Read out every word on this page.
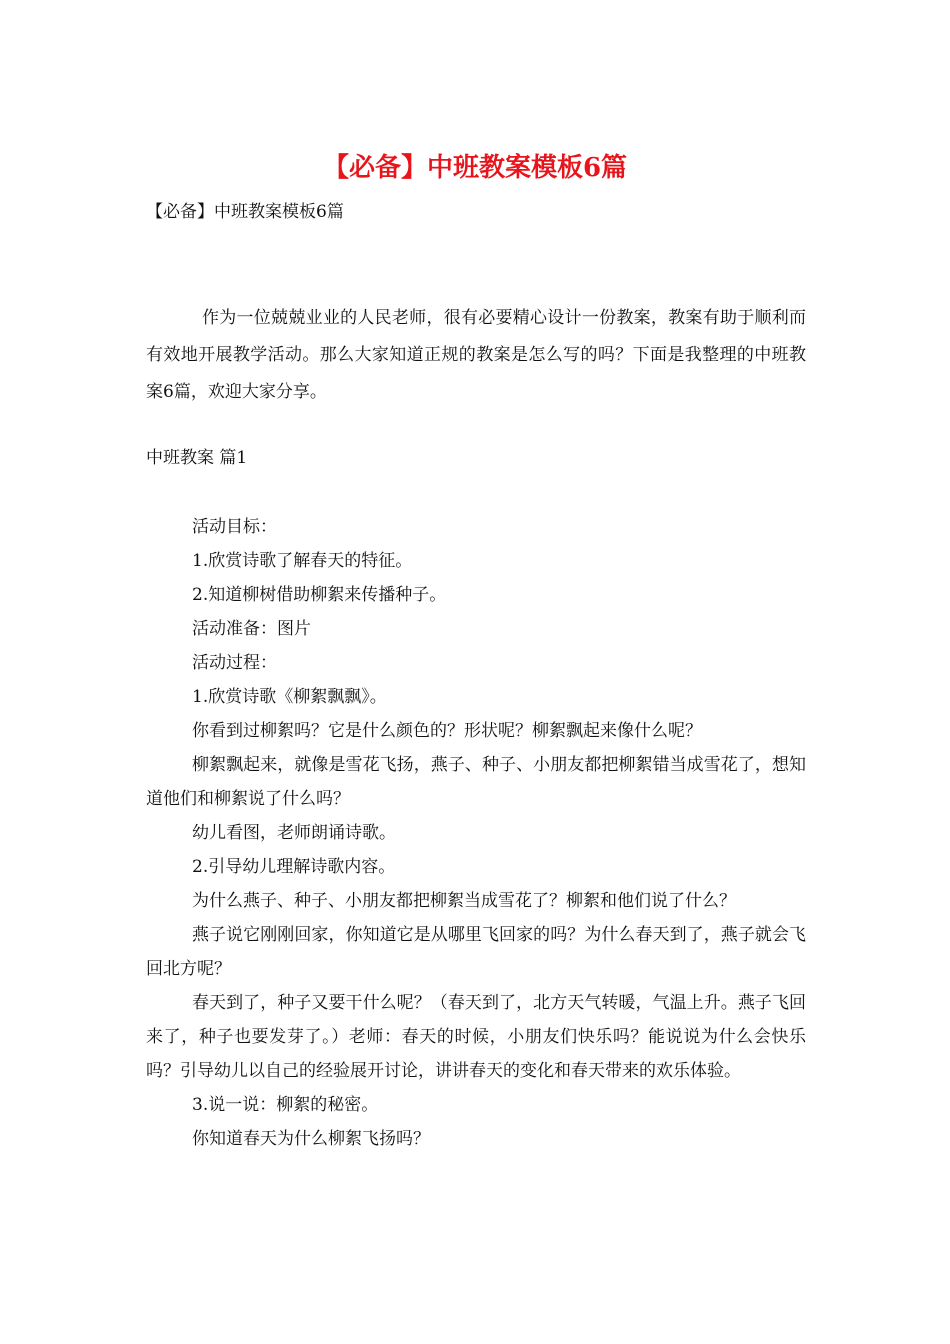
【必备】中班教案模板6篇

【必备】中班教案模板6篇

作为一位兢兢业业的人民老师，很有必要精心设计一份教案，教案有助于顺利而有效地开展教学活动。那么大家知道正规的教案是怎么写的吗？下面是我整理的中班教案6篇，欢迎大家分享。

中班教案 篇1

活动目标：

1.欣赏诗歌了解春天的特征。

2.知道柳树借助柳絮来传播种子。

活动准备：图片

活动过程：

1.欣赏诗歌《柳絮飘飘》。

你看到过柳絮吗？它是什么颜色的？形状呢？柳絮飘起来像什么呢？

柳絮飘起来，就像是雪花飞扬，燕子、种子、小朋友都把柳絮错当成雪花了，想知道他们和柳絮说了什么吗？

幼儿看图，老师朗诵诗歌。

2.引导幼儿理解诗歌内容。

为什么燕子、种子、小朋友都把柳絮当成雪花了？柳絮和他们说了什么？

燕子说它刚刚回家，你知道它是从哪里飞回家的吗？为什么春天到了，燕子就会飞回北方呢？

春天到了，种子又要干什么呢？（春天到了，北方天气转暖，气温上升。燕子飞回来了，种子也要发芽了。）老师：春天的时候，小朋友们快乐吗？能说说为什么会快乐吗？引导幼儿以自己的经验展开讨论，讲讲春天的变化和春天带来的欢乐体验。

3.说一说：柳絮的秘密。

你知道春天为什么柳絮飞扬吗？
